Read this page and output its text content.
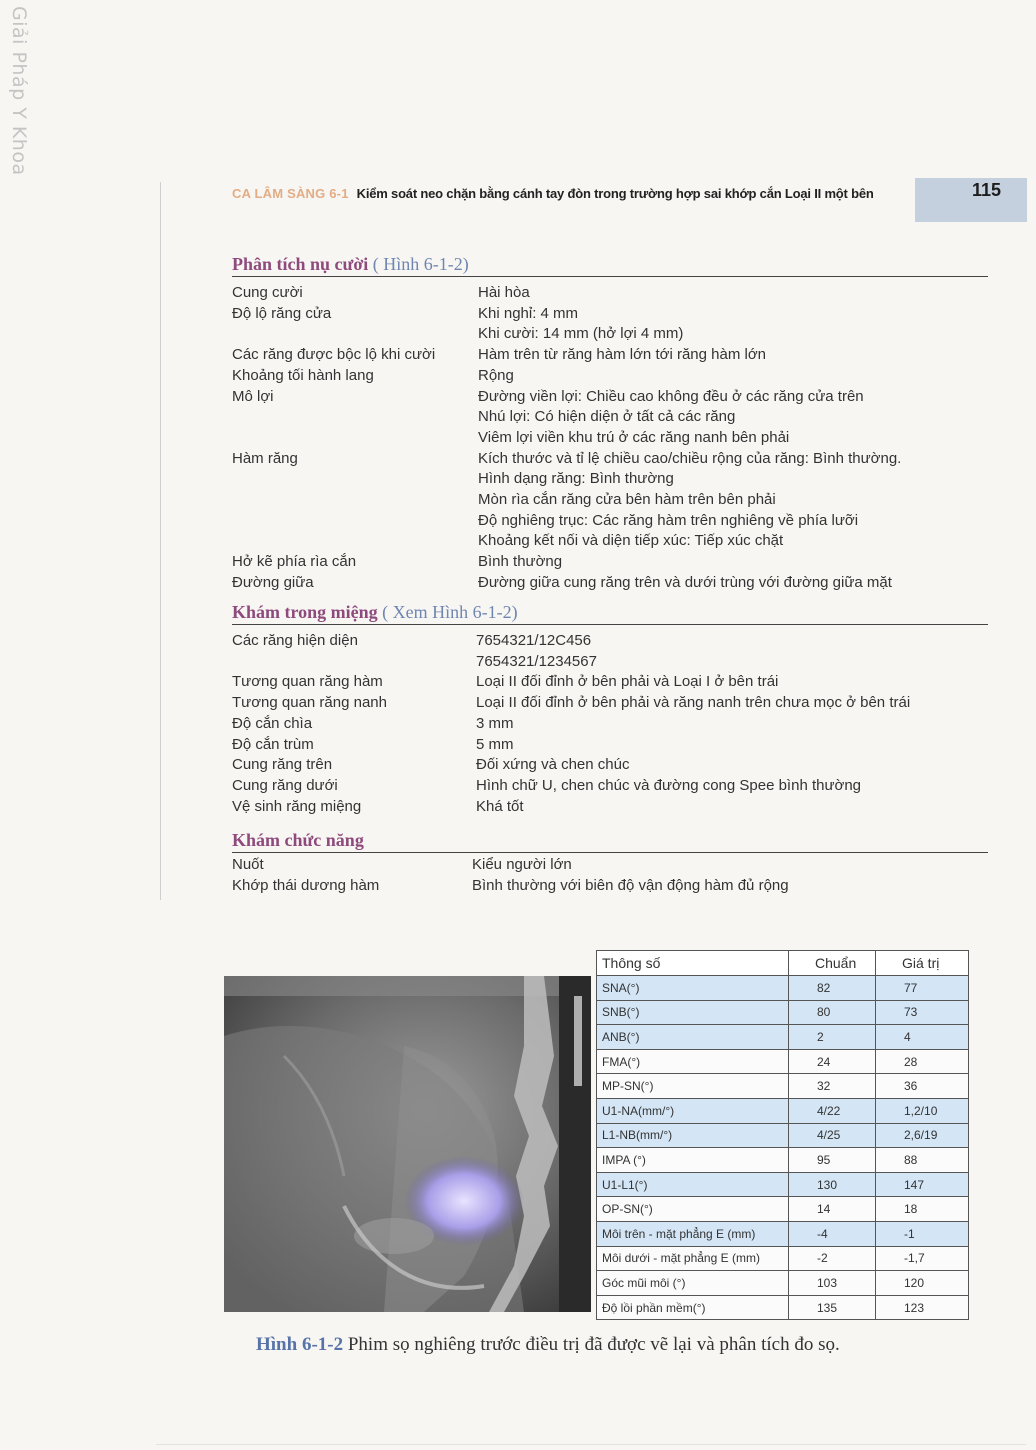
Giải Pháp Y Khoa
CA LÂM SÀNG 6-1 Kiểm soát neo chặn bằng cánh tay đòn trong trường hợp sai khớp cắn Loại II một bên	115
Phân tích nụ cười ( Hình 6-1-2)
Cung cười	Hài hòa
Độ lộ răng cửa	Khi nghỉ: 4 mm
Khi cười: 14 mm (hở lợi 4 mm)
Các răng được bộc lộ khi cười	Hàm trên từ răng hàm lớn tới răng hàm lớn
Khoảng tối hành lang	Rộng
Mô lợi	Đường viền lợi: Chiều cao không đều ở các răng cửa trên
Nhú lợi: Có hiện diện ở tất cả các răng
Viêm lợi viền khu trú ở các răng nanh bên phải
Hàm răng	Kích thước và tỉ lệ chiều cao/chiều rộng của răng: Bình thường.
Hình dạng răng: Bình thường
Mòn rìa cắn răng cửa bên hàm trên bên phải
Độ nghiêng trục: Các răng hàm trên nghiêng về phía lưỡi
Khoảng kết nối và diện tiếp xúc: Tiếp xúc chặt
Hở kẽ phía rìa cắn	Bình thường
Đường giữa	Đường giữa cung răng trên và dưới trùng với đường giữa mặt
Khám trong miệng ( Xem Hình 6-1-2)
Các răng hiện diện	7654321/12C456
7654321/1234567
Tương quan răng hàm	Loại II đối đỉnh ở bên phải và Loại I ở bên trái
Tương quan răng nanh	Loại II đối đỉnh ở bên phải và răng nanh trên chưa mọc ở bên trái
Độ cắn chìa	3 mm
Độ cắn trùm	5 mm
Cung răng trên	Đối xứng và chen chúc
Cung răng dưới	Hình chữ U, chen chúc và đường cong Spee bình thường
Vệ sinh răng miệng	Khá tốt
Khám chức năng
Nuốt	Kiểu người lớn
Khớp thái dương hàm	Bình thường với biên độ vận động hàm đủ rộng
Thông số	Chuẩn	Giá trị
SNA(°)	82	77
SNB(°)	80	73
ANB(°)	2	4
FMA(°)	24	28
MP-SN(°)	32	36
U1-NA(mm/°)	4/22	1,2/10
L1-NB(mm/°)	4/25	2,6/19
IMPA (°)	95	88
U1-L1(°)	130	147
OP-SN(°)	14	18
Môi trên - mặt phẳng E (mm)	-4	-1
Môi dưới - mặt phẳng E (mm)	-2	-1,7
Góc mũi môi (°)	103	120
Độ lồi phần mềm(°)	135	123
Hình 6-1-2 Phim sọ nghiêng trước điều trị đã được vẽ lại và phân tích đo sọ.
